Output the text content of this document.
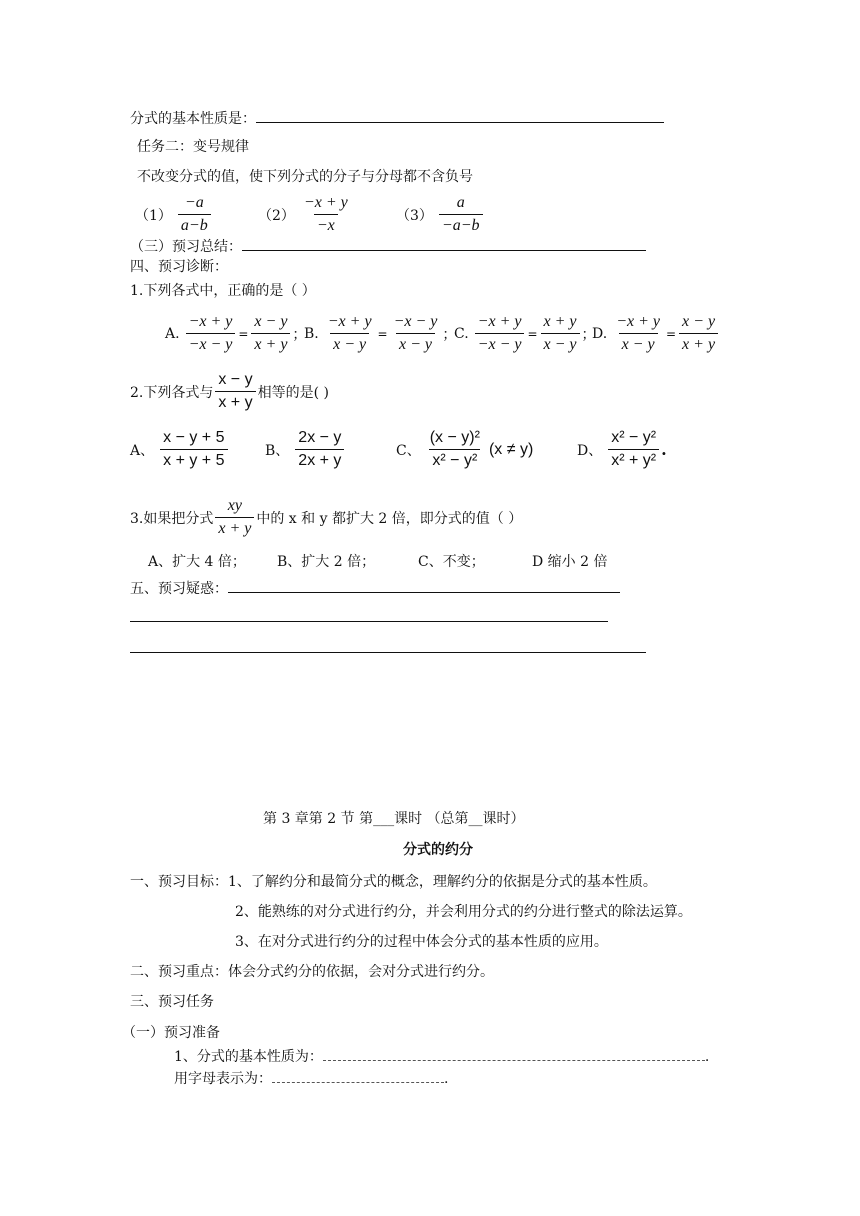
分式的基本性质是：
任务二：变号规律
不改变分式的值，使下列分式的分子与分母都不含负号
$(1) \frac{-a}{a-b}$	$(2) \frac{-x + y}{-x}$	$(3) \frac{a}{-a-b}$
（三）预习总结：
四、预习诊断：
1.下列各式中，正确的是（ ）
A. $\frac{-x + y}{-x - y} = \frac{x - y}{x + y}$ ；
B. $\frac{-x + y}{x - y} = \frac{-x - y}{x - y}$ ；
C. $\frac{-x + y}{-x - y} = \frac{x + y}{x - y}$ ；
D. $\frac{-x + y}{x - y} = \frac{x - y}{x + y}$
2.下列各式与 $\frac{x - y}{x + y}$ 相等的是( )
A、 $\frac{x - y + 5}{x + y + 5}$	B、 $\frac{2x - y}{2x + y}$	C、 $\frac{\text{(x − y)²}}{\text{x² − y²}} (x \ne y)$	D、 $\frac{\text{x² − y²}}{\text{x² + y²}}$ .
3.如果把分式 $\frac{xy}{x + y}$ 中的 x 和 y 都扩大 2 倍，即分式的值（ ）
A、扩大 4 倍； B、扩大 2 倍；	C、不变；	D 缩小 2 倍
五、预习疑惑：
第 3 章第 2 节 第___课时 （总第__课时）
分式的约分
一、预习目标：1、了解约分和最简分式的概念，理解约分的依据是分式的基本性质。
2、能熟练的对分式进行约分，并会利用分式的约分进行整式的除法运算。
3、在对分式进行约分的过程中体会分式的基本性质的应用。
二、预习重点：体会分式约分的依据，会对分式进行约分。
三、预习任务
（一）预习准备
1、分式的基本性质为：	.
用字母表示为：	.
